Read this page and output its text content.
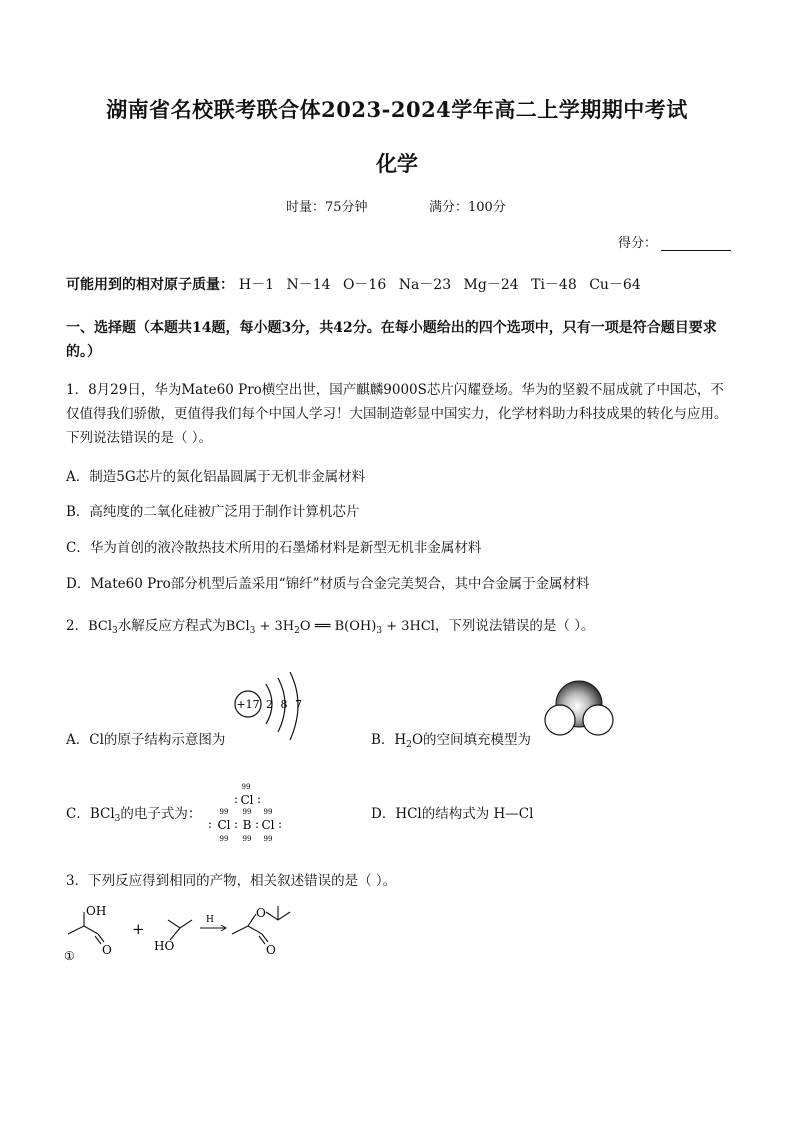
湖南省名校联考联合体2023-2024学年高二上学期期中考试
化学
时量：75分钟	满分：100分
得分：
可能用到的相对原子质量： H－1 N－14 O－16 Na－23 Mg－24 Ti－48 Cu－64
一、选择题（本题共14题，每小题3分，共42分。在每小题给出的四个选项中，只有一项是符合题目要求的。）
1．8月29日，华为Mate60 Pro横空出世，国产麒麟9000S芯片闪耀登场。华为的坚毅不屈成就了中国芯，不仅值得我们骄傲，更值得我们每个中国人学习！大国制造彰显中国实力，化学材料助力科技成果的转化与应用。下列说法错误的是（ ）。
A．制造5G芯片的氮化铝晶圆属于无机非金属材料
B．高纯度的二氧化硅被广泛用于制作计算机芯片
C．华为首创的液冷散热技术所用的石墨烯材料是新型无机非金属材料
D．Mate60 Pro部分机型后盖采用“锦纤”材质与合金完美契合，其中合金属于金属材料
2．BCl$_3$水解反应方程式为$BCl_3 + 3H_2O$ ══ $B(OH)_3 + 3HCl$，下列说法错误的是（ ）。
A．Cl的原子结构示意图为
+17 2 8 7
B．$H_2O$的空间填充模型为
C．BCl$_3$的电子式为：
99
: Cl :
99 99 99
: Cl : B : Cl :
99 99 99
D．HCl的结构式为 H—Cl
3．下列反应得到相同的产物，相关叙述错误的是（ ）。
OH
O
+
HO
H	O
O
①
